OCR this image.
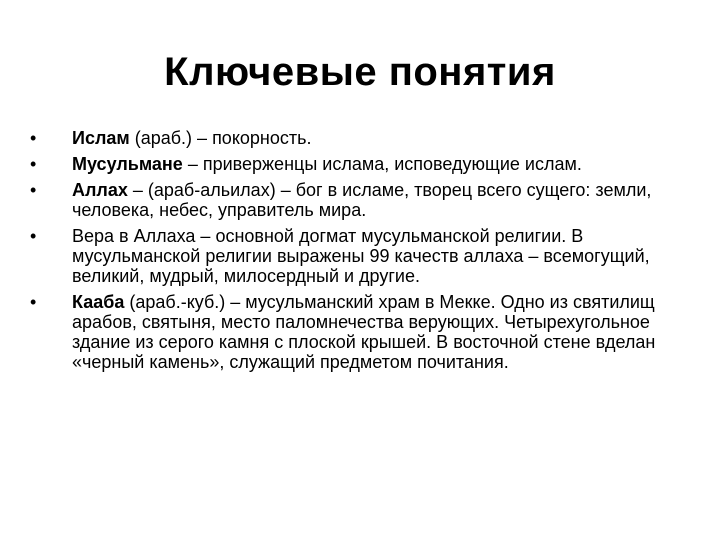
Ключевые понятия
•	Ислам (араб.) – покорность.
•	Мусульмане – приверженцы ислама, исповедующие ислам.
•	Аллах – (араб-альилах) – бог в исламе, творец всего сущего: земли, человека, небес, управитель мира.
•	Вера в Аллаха – основной догмат мусульманской религии. В мусульманской религии выражены 99 качеств аллаха – всемогущий, великий, мудрый, милосердный и другие.
•	Кааба (араб.-куб.) – мусульманский храм в Мекке. Одно из святилищ арабов, святыня, место паломнечества верующих. Четырехугольное здание из серого камня с плоской крышей. В восточной стене вделан «черный камень», служащий предметом почитания.
